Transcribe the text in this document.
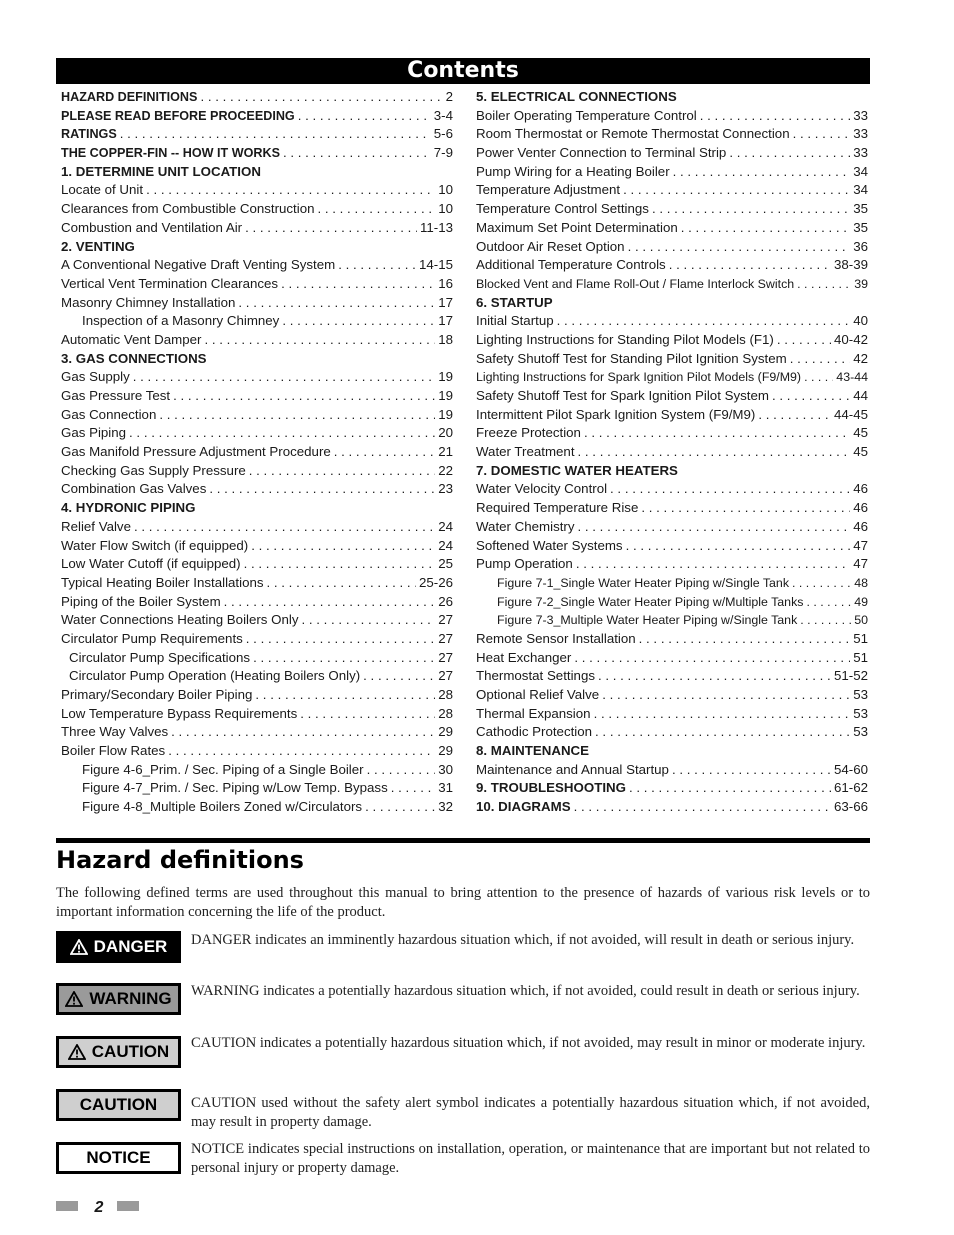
Contents
HAZARD DEFINITIONS . . .	2
PLEASE READ BEFORE PROCEEDING . . .	3-4
RATINGS . . .	5-6
THE COPPER-FIN -- HOW IT WORKS . . .	7-9
1. DETERMINE UNIT LOCATION
Locate of Unit . . .	10
Clearances from Combustible Construction . . .	10
Combustion and Ventilation Air . . .	11-13
2. VENTING
A Conventional Negative Draft Venting System . . .	14-15
Vertical Vent Termination Clearances . . .	16
Masonry Chimney Installation . . .	17
Inspection of a Masonry Chimney . . .	17
Automatic Vent Damper . . .	18
3. GAS CONNECTIONS
Gas Supply . . .	19
Gas Pressure Test . . .	19
Gas Connection . . .	19
Gas Piping . . .	20
Gas Manifold Pressure Adjustment Procedure . . .	21
Checking Gas Supply Pressure . . .	22
Combination Gas Valves . . .	23
4. HYDRONIC PIPING
Relief Valve . . .	24
Water Flow Switch (if equipped) . . .	24
Low Water Cutoff (if equipped) . . .	25
Typical Heating Boiler Installations . . .	25-26
Piping of the Boiler System . . .	26
Water Connections Heating Boilers Only . . .	27
Circulator Pump Requirements . . .	27
Circulator Pump Specifications . . .	27
Circulator Pump Operation (Heating Boilers Only) . . .	27
Primary/Secondary Boiler Piping . . .	28
Low Temperature Bypass Requirements . . .	28
Three Way Valves . . .	29
Boiler Flow Rates . . .	29
Figure 4-6_Prim. / Sec. Piping of a Single Boiler . . .	30
Figure 4-7_Prim. / Sec. Piping w/Low Temp. Bypass . . .	31
Figure 4-8_Multiple Boilers Zoned w/Circulators . . .	32
5. ELECTRICAL CONNECTIONS
Boiler Operating Temperature Control . . .	33
Room Thermostat or Remote Thermostat Connection . . .	33
Power Venter Connection to Terminal Strip . . .	33
Pump Wiring for a Heating Boiler . . .	34
Temperature Adjustment . . .	34
Temperature Control Settings . . .	35
Maximum Set Point Determination . . .	35
Outdoor Air Reset Option . . .	36
Additional Temperature Controls . . .	38-39
Blocked Vent and Flame Roll-Out / Flame Interlock Switch . . .	39
6. STARTUP
Initial Startup . . .	40
Lighting Instructions for Standing Pilot Models (F1) . . .	40-42
Safety Shutoff Test for Standing Pilot Ignition System . . .	42
Lighting Instructions for Spark Ignition Pilot Models (F9/M9) . . .	43-44
Safety Shutoff Test for Spark Ignition Pilot System . . .	44
Intermittent Pilot Spark Ignition System (F9/M9) . . .	44-45
Freeze Protection . . .	45
Water Treatment . . .	45
7. DOMESTIC WATER HEATERS
Water Velocity Control . . .	46
Required Temperature Rise . . .	46
Water Chemistry . . .	46
Softened Water Systems . . .	47
Pump Operation . . .	47
Figure 7-1_Single Water Heater Piping w/Single Tank . . .	48
Figure 7-2_Single Water Heater Piping w/Multiple Tanks . . .	49
Figure 7-3_Multiple Water Heater Piping w/Single Tank . . .	50
Remote Sensor Installation . . .	51
Heat Exchanger . . .	51
Thermostat Settings . . .	51-52
Optional Relief Valve . . .	53
Thermal Expansion . . .	53
Cathodic Protection . . .	53
8. MAINTENANCE
Maintenance and Annual Startup . . .	54-60
9. TROUBLESHOOTING . . .	61-62
10. DIAGRAMS . . .	63-66
Hazard definitions
The following defined terms are used throughout this manual to bring attention to the presence of hazards of various risk levels or to important information concerning the life of the product.
DANGER DANGER indicates an imminently hazardous situation which, if not avoided, will result in death or serious injury.
WARNING WARNING indicates a potentially hazardous situation which, if not avoided, could result in death or serious injury.
CAUTION CAUTION indicates a potentially hazardous situation which, if not avoided, may result in minor or moderate injury.
CAUTION CAUTION used without the safety alert symbol indicates a potentially hazardous situation which, if not avoided, may result in property damage.
NOTICE	NOTICE indicates special instructions on installation, operation, or maintenance that are important but not related to personal injury or property damage.
2
